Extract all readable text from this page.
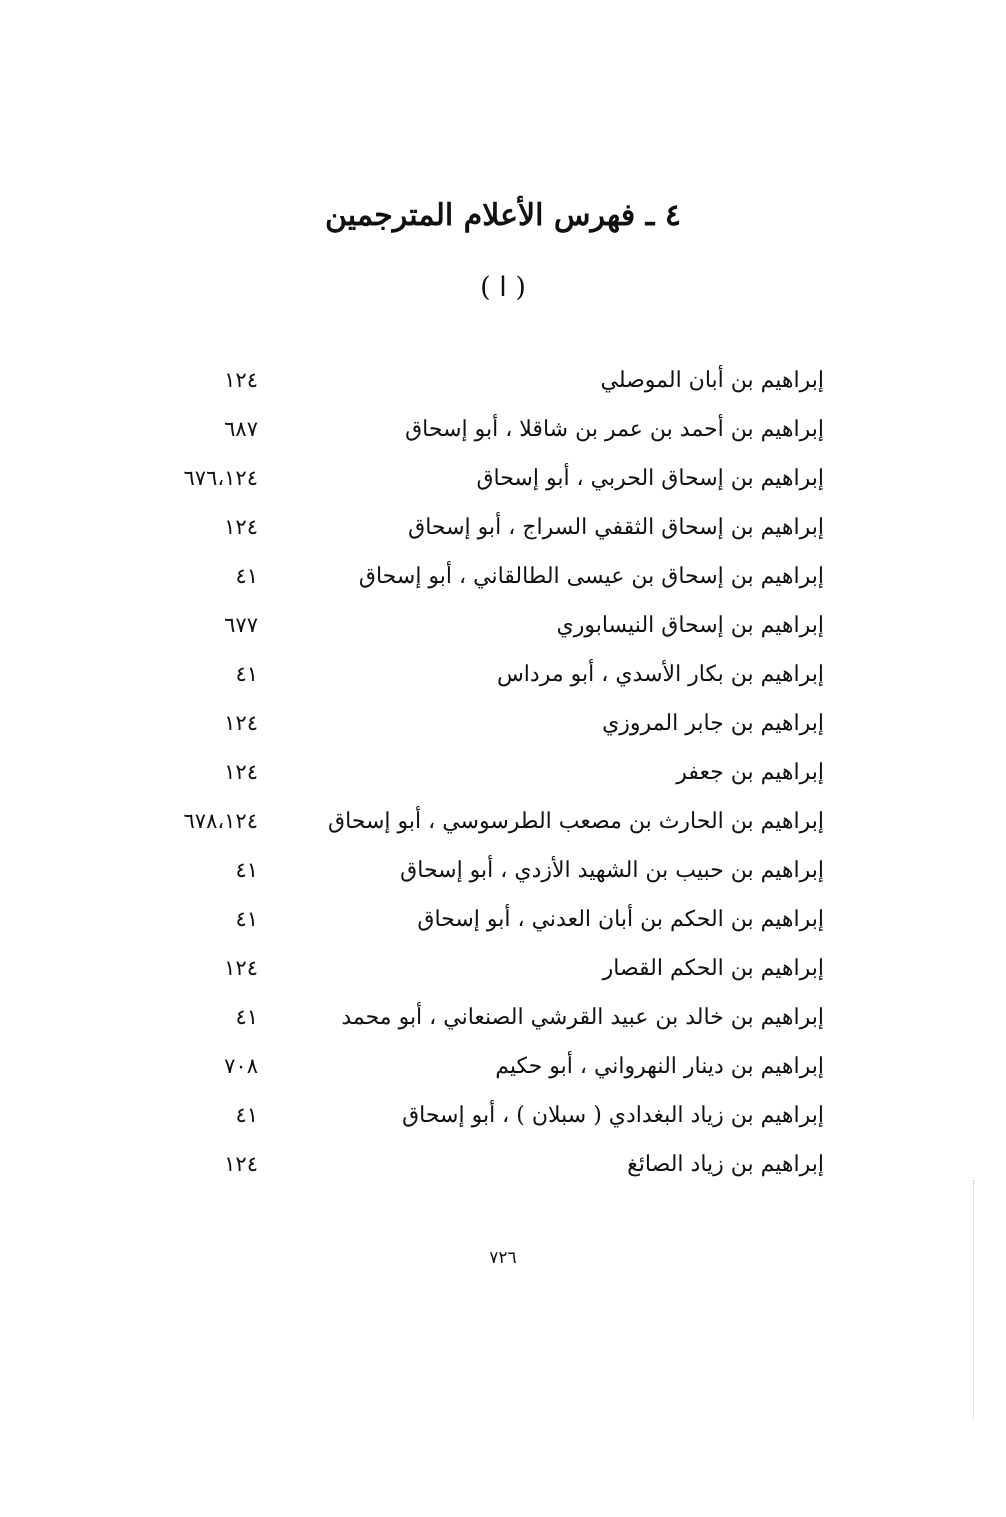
٤ ـ فهرس الأعلام المترجمين
( ا )
إبراهيم بن أبان الموصلي
١٢٤
إبراهيم بن أحمد بن عمر بن شاقلا ، أبو إسحاق
٦٨٧
إبراهيم بن إسحاق الحربي ، أبو إسحاق
٦٧٦،١٢٤
إبراهيم بن إسحاق الثقفي السراج ، أبو إسحاق
١٢٤
إبراهيم بن إسحاق بن عيسى الطالقاني ، أبو إسحاق
٤١
إبراهيم بن إسحاق النيسابوري
٦٧٧
إبراهيم بن بكار الأسدي ، أبو مرداس
٤١
إبراهيم بن جابر المروزي
١٢٤
إبراهيم بن جعفر
١٢٤
إبراهيم بن الحارث بن مصعب الطرسوسي ، أبو إسحاق
٦٧٨،١٢٤
إبراهيم بن حبيب بن الشهيد الأزدي ، أبو إسحاق
٤١
إبراهيم بن الحكم بن أبان العدني ، أبو إسحاق
٤١
إبراهيم بن الحكم القصار
١٢٤
إبراهيم بن خالد بن عبيد القرشي الصنعاني ، أبو محمد
٤١
إبراهيم بن دينار النهرواني ، أبو حكيم
٧٠٨
إبراهيم بن زياد البغدادي ( سبلان ) ، أبو إسحاق
٤١
إبراهيم بن زياد الصائغ
١٢٤
٧٢٦
